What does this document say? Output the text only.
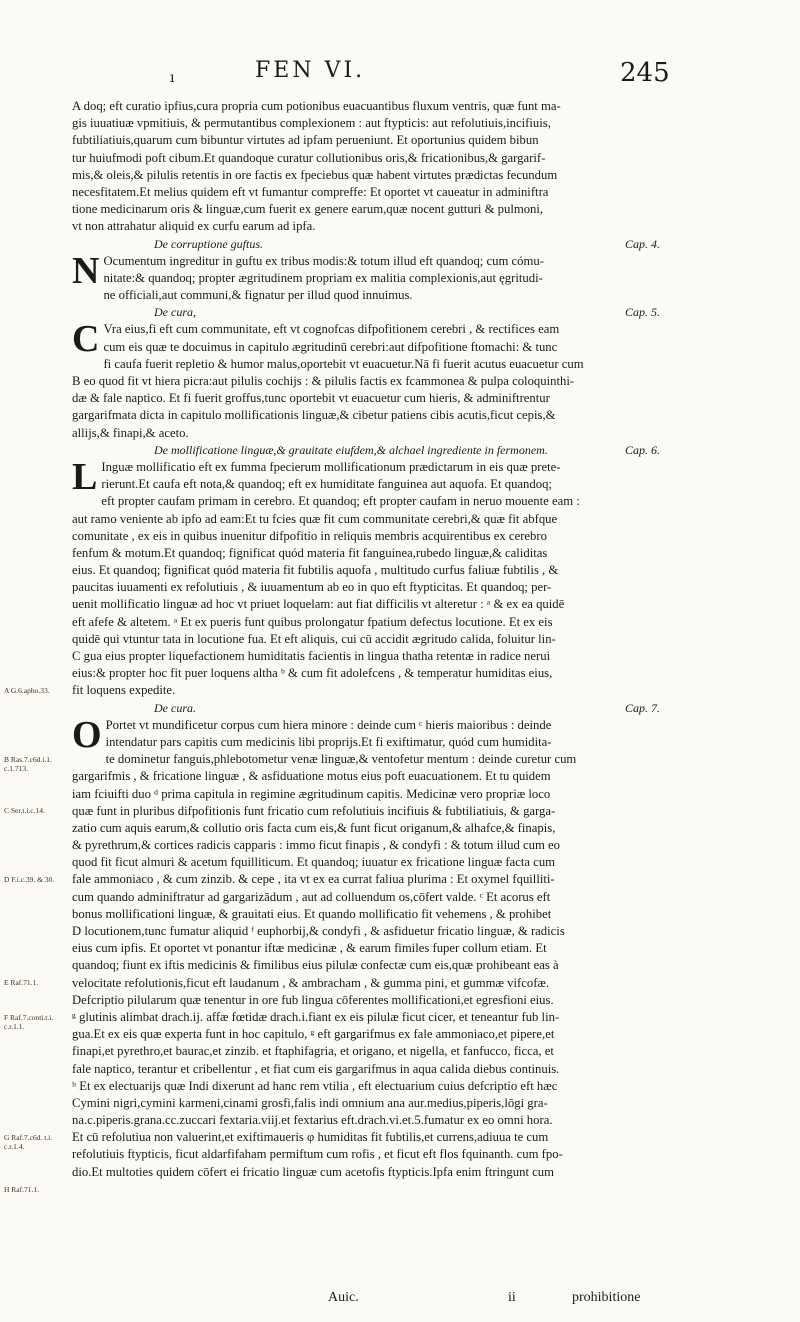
ı	FEN VI.	245
A G.6.apho.33.
B Ras.7.c6d.i.1.
c.1.713.
C Ser.t.i.c.14.
D F.i.c.39. & 30.
E Raf.71.1.
F Raf.7.conti.t.i.
c.r.1.1.
G Raf.7.c6d. t.i.
c.r.1.4.
H Raf.71.1.
A doq; eft curatio ipfius,cura propria cum potionibus euacuantibus fluxum ventris, quæ funt ma-
gis iuuatiuæ vpmitiuis, & permutantibus complexionem : aut ftypticis: aut refolutiuis,incifiuis,
fubtiliatiuis,quarum cum bibuntur virtutes ad ipfam perueniunt. Et oportunius quidem bibun
tur huiufmodi poft cibum.Et quandoque curatur collutionibus oris,& fricationibus,& gargarif-
mis,& oleis,& pilulis retentis in ore factis ex fpeciebus quæ habent virtutes prædictas fecundum
necesfitatem.Et melius quidem eft vt fumantur compreffe: Et oportet vt caueatur in adminiftra
tione medicinarum oris & linguæ,cum fuerit ex genere earum,quæ nocent gutturi & pulmoni,
vt non attrahatur aliquid ex curfu earum ad ipfa.
Cap. 4.
De corruptione guftus.
N Ocumentum ingreditur in guftu ex tribus modis:& totum illud eft quandoq; cum cómu-
nitate:& quandoq; propter ægritudinem propriam ex malitia complexionis,aut ęgritudi-
ne officiali,aut communi,& fignatur per illud quod innuimus.
Cap. 5.
De cura,
C Vra eius,fi eft cum communitate, eft vt cognofcas difpofitionem cerebri , & rectifices eam
cum eis quæ te docuimus in capitulo ægritudinū cerebri:aut difpofitione ftomachi: & tunc
fi caufa fuerit repletio & humor malus,oportebit vt euacuetur.Nā fi fuerit acutus euacuetur cum
B eo quod fit vt hiera picra:aut pilulis cochijs : & pilulis factis ex fcammonea & pulpa coloquinthi-
dæ & fale naptico. Et fi fuerit groffus,tunc oportebit vt euacuetur cum hieris, & adminiftrentur
gargarifmata dicta in capitulo mollificationis linguæ,& cibetur patiens cibis acutis,ficut cepis,&
allijs,& finapi,& aceto.
Cap. 6.
De mollificatione linguæ,& grauitate eiufdem,& alchael ingrediente in fermonem.
L Inguæ mollificatio eft ex fumma fpecierum mollificationum prædictarum in eis quæ prete-
rierunt.Et caufa eft nota,& quandoq; eft ex humiditate fanguinea aut aquofa. Et quandoq;
eft propter caufam primam in cerebro. Et quandoq; eft propter caufam in neruo mouente eam :
aut ramo veniente ab ipfo ad eam:Et tu fcies quæ fit cum communitate cerebri,& quæ fit abfque
comunitate , ex eis in quibus inuenitur difpofitio in reliquis membris acquirentibus ex cerebro
fenfum & motum.Et quandoq; fignificat quód materia fit fanguinea,rubedo linguæ,& caliditas
eius. Et quandoq; fignificat quód materia fit fubtilis aquofa , multitudo curfus faliuæ fubtilis , &
paucitas iuuamenti ex refolutiuis , & iuuamentum ab eo in quo eft ftypticitas. Et quandoq; per-
uenit mollificatio linguæ ad hoc vt priuet loquelam: aut fiat difficilis vt alteretur : ᵃ & ex ea quidē
eft afefe & altetem. ᵃ Et ex pueris funt quibus prolongatur fpatium defectus locutione. Et ex eis
quidē qui vtuntur tata in locutione fua. Et eft aliquis, cui cū accidit ægritudo calida, foluitur lin-
C gua eius propter liquefactionem humiditatis facientis in lingua thatha retentæ in radice nerui
eius:& propter hoc fit puer loquens altha ᵇ & cum fit adolefcens , & temperatur humiditas eius,
fit loquens expedite.
Cap. 7.
De cura.
O Portet vt mundificetur corpus cum hiera minore : deinde cum ᶜ hieris maioribus : deinde
intendatur pars capitis cum medicinis libi proprijs.Et fi exiftimatur, quód cum humidita-
te dominetur fanguis,phlebotometur venæ linguæ,& ventofetur mentum : deinde curetur cum
gargarifmis , & fricatione linguæ , & asfiduatione motus eius poft euacuationem. Et tu quidem
iam fciuifti duo ᵈ prima capitula in regimine ægritudinum capitis. Medicinæ vero propriæ loco
quæ funt in pluribus difpofitionis funt fricatio cum refolutiuis incifiuis & fubtiliatiuis, & garga-
zatio cum aquis earum,& collutio oris facta cum eis,& funt ficut origanum,& alhafce,& finapis,
& pyrethrum,& cortices radicis capparis : immo ficut finapis , & condyfi : & totum illud cum eo
quod fit ficut almuri & acetum fquilliticum. Et quandoq; iuuatur ex fricatione linguæ facta cum
fale ammoniaco , & cum zinzib. & cepe , ita vt ex ea currat faliua plurima : Et oxymel fquilliti-
cum quando adminiftratur ad gargarizādum , aut ad colluendum os,cōfert valde. ᶜ Et acorus eft
bonus mollificationi linguæ, & grauitati eius. Et quando mollificatio fit vehemens , & prohibet
D locutionem,tunc fumatur aliquid ᶠ euphorbij,& condyfi , & asfiduetur fricatio linguæ, & radicis
eius cum ipfis. Et oportet vt ponantur iftæ medicinæ , & earum fimiles fuper collum etiam. Et
quandoq; fiunt ex iftis medicinis & fimilibus eius pilulæ confectæ cum eis,quæ prohibeant eas à
velocitate refolutionis,ficut eft laudanum , & ambracham , & gumma pini, et gummæ vifcofæ.
Defcriptio pilularum quæ tenentur in ore fub lingua cōferentes mollificationi,et egresfioni eius.
ᵍ glutinis alimbat drach.ij. affæ fœtidæ drach.i.fiant ex eis pilulæ ficut cicer, et teneantur fub lin-
gua.Et ex eis quæ experta funt in hoc capitulo, ᵍ eft gargarifmus ex fale ammoniaco,et pipere,et
finapi,et pyrethro,et baurac,et zinzib. et ftaphifagria, et origano, et nigella, et fanfucco, ficca, et
fale naptico, terantur et cribellentur , et fiat cum eis gargarifmus in aqua calida diebus continuis.
ʰ Et ex electuarijs quæ Indi dixerunt ad hanc rem vtilia , eft electuarium cuius defcriptio eft hæc
Cymini nigri,cymini karmeni,cinami grosfi,falis indi omnium ana aur.medius,piperis,lōgi gra-
na.c.piperis.grana.cc.zuccari fextaria.viij.et fextarius eft.drach.vi.et.5.fumatur ex eo omni hora.
Et cū refolutiua non valuerint,et exiftimaueris φ humiditas fit fubtilis,et currens,adiuua te cum
refolutiuis ftypticis, ficut aldarfifaham permiftum cum rofis , et ficut eft flos fquinanth. cum fpo-
dio.Et multoties quidem cōfert ei fricatio linguæ cum acetofis ftypticis.Ipfa enim ftringunt cum
Auic.	ii	prohibitione
